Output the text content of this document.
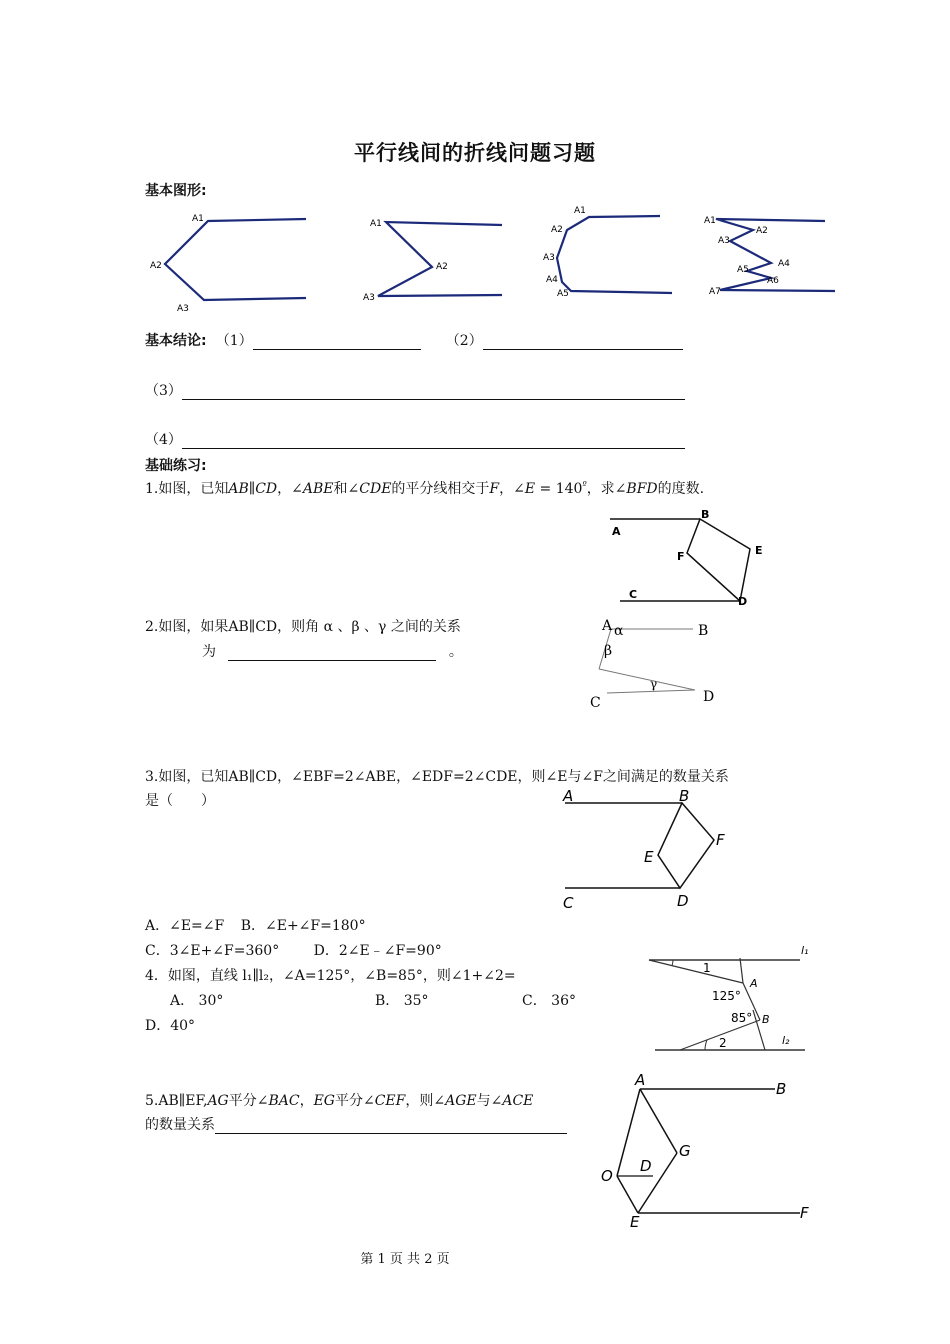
平行线间的折线问题习题
基本图形:
A1
A2
A3
A1
A2
A3
A1
A2
A3
A4
A5
A1
A2
A3
A4
A5
A6
A7
基本结论: （1）	（2）
（3）
（4）
基础练习:
1.如图，已知AB∥CD，∠ABE和∠CDE的平分线相交于F，∠E = $140^º$，求∠BFD的度数.
A
B
E
F
C
D
2.如图，如果AB∥CD，则角 α 、β 、γ 之间的关系
为	。
A	B
C	D
α
β
γ
3.如图，已知AB∥CD，∠EBF=2∠ABE，∠EDF=2∠CDE，则∠E与∠F之间满足的数量关系
是（　　）	A	B
E
F
C	D
A．∠E=∠F B．∠E+∠F=180°
C．3∠E+∠F=360° D．2∠E﹣∠F=90°
4．如图，直线 l₁∥l₂，∠A=125°，∠B=85°，则∠1+∠2=
A． 30°	B． 35°	C． 36°
D．40°
l₁
1
A
125°
85° B
2	l₂
5.AB∥EF,AG平分∠BAC，EG平分∠CEF，则∠AGE与∠ACE
的数量关系
A	B
G
D
O
E	F
第 1 页 共 2 页
